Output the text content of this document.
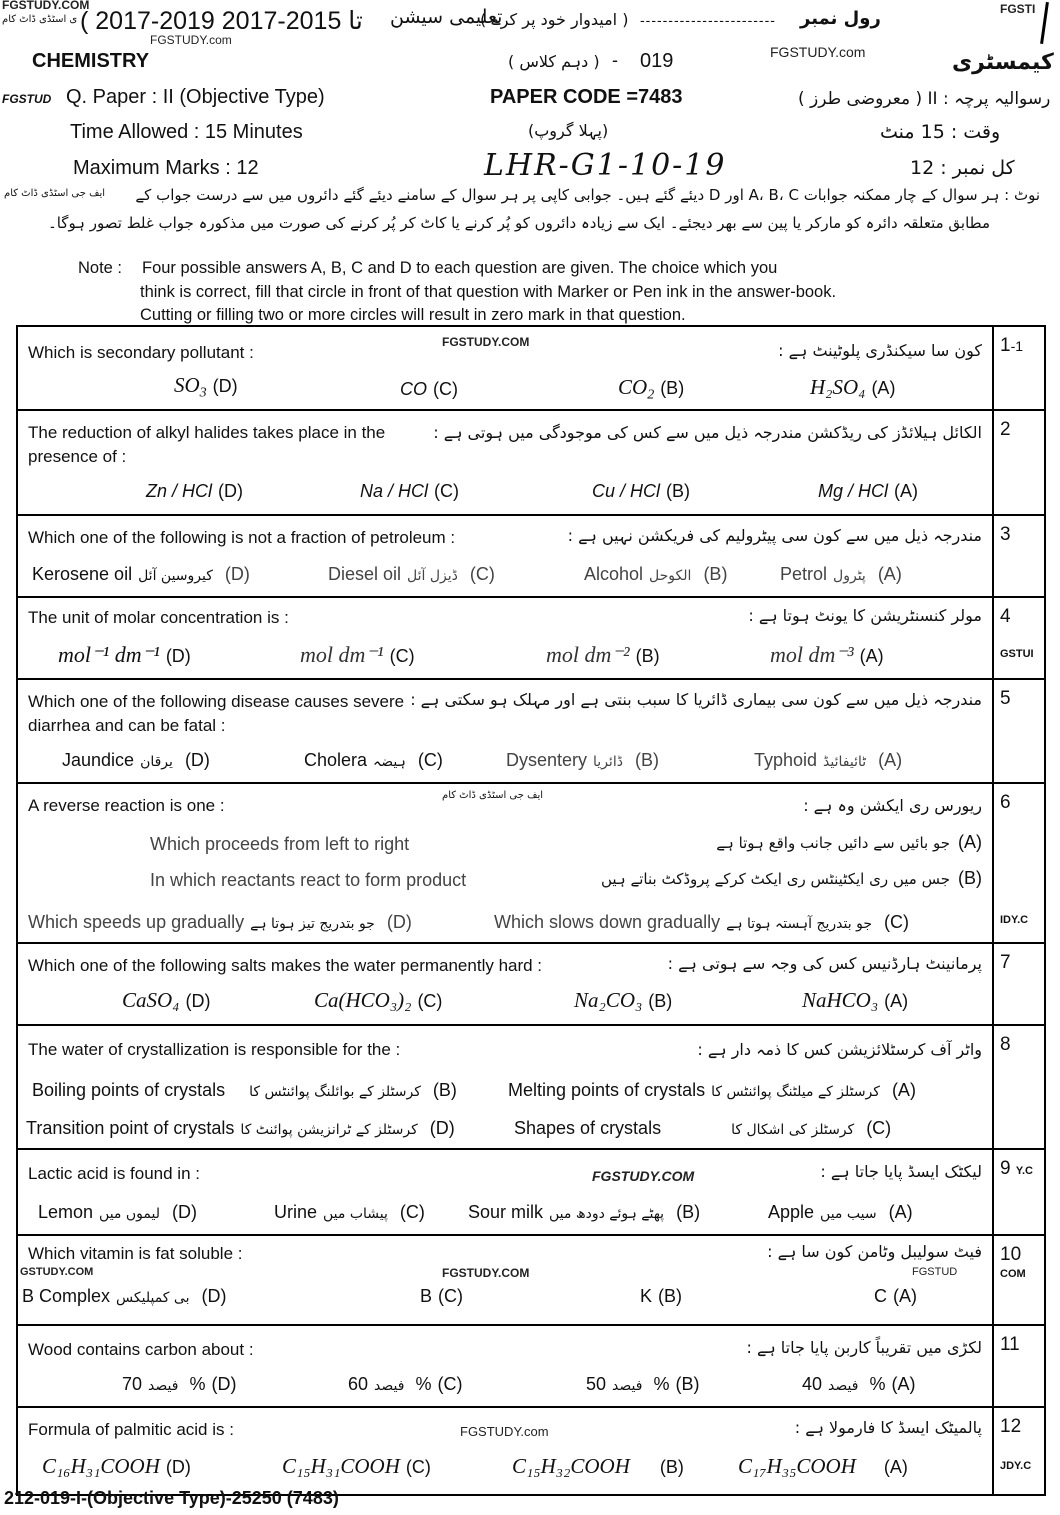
FGSTUDY.COM
ی اسٹڈی ڈاٹ کام ( 2017-2019 تا 2015-2017 تعلیمی سیشن
( امیدوار خود پر کرے ) ------------------------ رول نمبر	FGSTI
FGSTUDY.com
CHEMISTRY	( دہم کلاس ) - 019	FGSTUDY.com	کیمسٹری
FGSTUD Q. Paper : II (Objective Type)	PAPER CODE =7483	رسوالیہ پرچہ : II ( معروضی طرز )
Time Allowed : 15 Minutes	(پہلا گروپ)	وقت : 15 منٹ
Maximum Marks : 12	LHR-G1-10-19	کل نمبر : 12
ایف جی اسٹڈی ڈاٹ کام نوٹ : ہر سوال کے چار ممکنہ جوابات A، B، C اور D دیئے گئے ہیں۔ جوابی کاپی پر ہر سوال کے سامنے دیئے گئے دائروں میں سے درست جواب کے
مطابق متعلقہ دائرہ کو مارکر یا پین سے بھر دیجئے۔ ایک سے زیادہ دائروں کو پُر کرنے یا کاٹ کر پُر کرنے کی صورت میں مذکورہ جواب غلط تصور ہوگا۔
Note : Four possible answers A, B, C and D to each question are given. The choice which you
think is correct, fill that circle in front of that question with Marker or Pen ink in the answer-book.
Cutting or filling two or more circles will result in zero mark in that question.
Which is secondary pollutant :
FGSTUDY.COM	کون سا سیکنڈری پلوٹینٹ ہے :
$SO_3$ (D)	CO (C)	$CO_2$ (B)	H₂SO₄ (A)
1-1
The reduction of alkyl halides takes place in the
presence of :
الکائل ہیلائڈز کی ریڈکشن مندرجہ ذیل میں سے کس کی موجودگی میں ہوتی ہے :
Zn / HCl (D)	Na / HCl (C)	Cu / HCl (B)	Mg / HCl (A)
2
Which one of the following is not a fraction of petroleum :	مندرجہ ذیل میں سے کون سی پیٹرولیم کی فریکشن نہیں ہے :
Kerosene oil کیروسین آئل (D)	Diesel oil ڈیزل آئل (C)	Alcohol الکوحل (B)	Petrol پٹرول (A)
3
The unit of molar concentration is :	مولر کنسنٹریشن کا یونٹ ہوتا ہے :
mol⁻¹ dm⁻¹ (D)	mol dm⁻¹ (C)	mol dm⁻² (B)	mol dm⁻³ (A)
4
GSTUI
Which one of the following disease causes severe
diarrhea and can be fatal :
مندرجہ ذیل میں سے کون سی بیماری ڈائریا کا سبب بنتی ہے اور مہلک ہو سکتی ہے :
Jaundice یرقان (D)	Cholera ہیضہ (C)	Dysentery ڈائریا (B)	Typhoid ٹائیفائیڈ (A)
5
A reverse reaction is one :
ایف جی اسٹڈی ڈاٹ کام
ریورس ری ایکشن وہ ہے :
Which proceeds from left to right	(A)جو بائیں سے دائیں جانب واقع ہوتا ہے
In which reactants react to form product	(B)جس میں ری ایکٹینٹس ری ایکٹ کرکے پروڈکٹ بناتے ہیں
Which speeds up gradually جو بتدریج تیز ہوتا ہے (D)	Which slows down gradually جو بتدریج آہستہ ہوتا ہے (C)
6
IDY.C
Which one of the following salts makes the water permanently hard :	پرمانینٹ ہارڈنیس کس کی وجہ سے ہوتی ہے :
CaSO₄ (D)	Ca(HCO₃)₂ (C)	Na₂CO₃ (B)	NaHCO₃ (A)
7
The water of crystallization is responsible for the :	واٹر آف کرسٹلائزیشن کس کا ذمہ دار ہے :
Boiling points of crystals کرسٹلز کے بوائلنگ پوائنٹس کا (B)	Melting points of crystals کرسٹلز کے میلٹنگ پوائنٹس کا (A)
Transition point of crystals کرسٹلز کے ٹرانزیشن پوائنٹ کا (D)	Shapes of crystals	کرسٹلز کی اشکال کا (C)
8
Lactic acid is found in :	FGSTUDY.COM	لیکٹک ایسڈ پایا جاتا ہے :
Lemon لیموں میں (D)	Urine پیشاب میں (C) Sour milk پھٹے ہوئے دودھ میں (B)	Apple سیب میں (A)
9 Y.C
Which vitamin is fat soluble :
GSTUDY.COM	FGSTUDY.COM	FGSTUD
فیٹ سولیبل وٹامن کون سا ہے :
B Complex بی کمپلیکس (D)	B (C)	K (B)	C (A)
10
COM
Wood contains carbon about :	لکڑی میں تقریباً کاربن پایا جاتا ہے :
فیصد70 % (D)	فیصد60 % (C)	فیصد50 % (B)	فیصد40 % (A)
11
Formula of palmitic acid is :	FGSTUDY.com	پالمیٹک ایسڈ کا فارمولا ہے :
C₁₆H₃₁COOH (D)	C₁₅H₃₁COOH (C)	C₁₅H₃₂COOH (B)	C₁₇H₃₅COOH (A)
12
JDY.C
212-019-I-(Objective Type)-25250 (7483)
